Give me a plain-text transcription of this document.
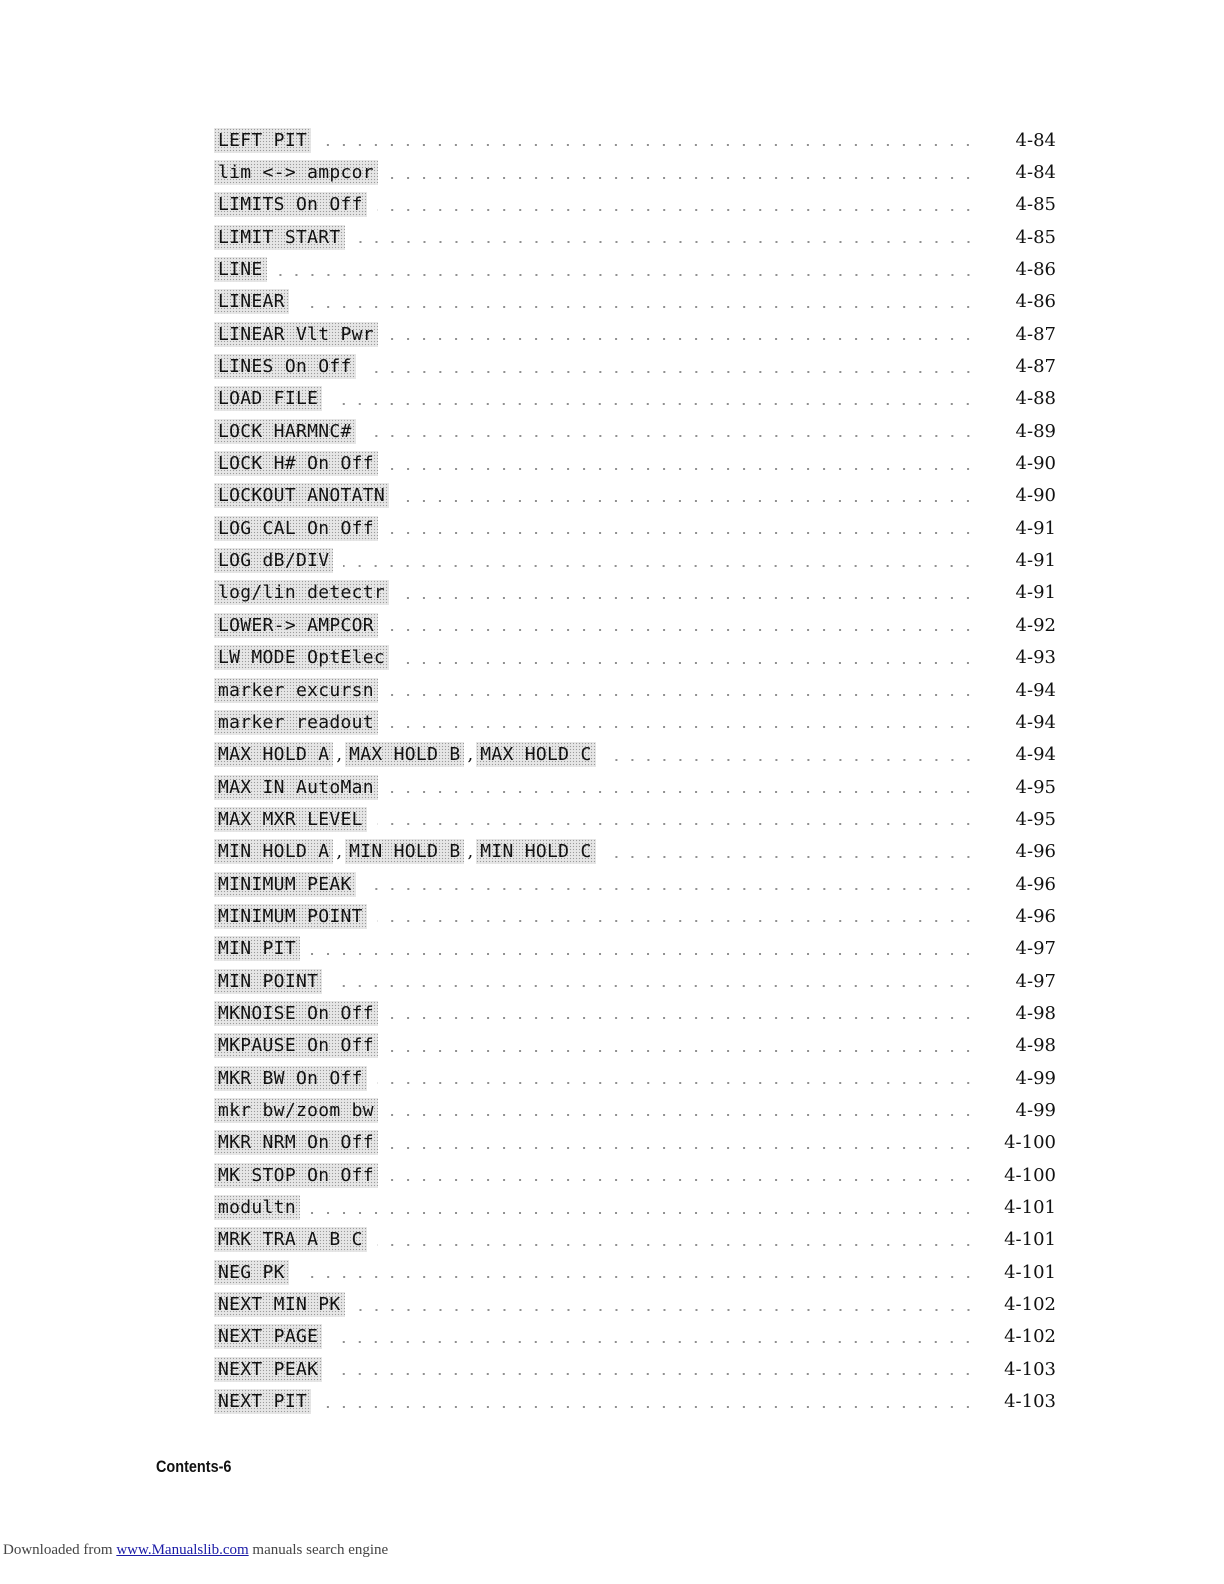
LEFT PIT	4-84
lim <-> ampcor	4-84
LIMITS On Off	4-85
LIMIT START	4-85
LINE	4-86
LINEAR	4-86
LINEAR Vlt Pwr	4-87
LINES On Off	4-87
LOAD FILE	4-88
LOCK HARMNC#	4-89
LOCK H# On Off	4-90
LOCKOUT ANOTATN	4-90
LOG CAL On Off	4-91
LOG dB/DIV	4-91
log/lin detectr	4-91
LOWER-> AMPCOR	4-92
LW MODE OptElec	4-93
marker excursn	4-94
marker readout	4-94
MAX HOLD A , MAX HOLD B , MAX HOLD C	4-94
MAX IN AutoMan	4-95
MAX MXR LEVEL	4-95
MIN HOLD A , MIN HOLD B , MIN HOLD C	4-96
MINIMUM PEAK	4-96
MINIMUM POINT	4-96
MIN PIT	4-97
MIN POINT	4-97
MKNOISE On Off	4-98
MKPAUSE On Off	4-98
MKR BW On Off	4-99
mkr bw/zoom bw	4-99
MKR NRM On Off	4-100
MK STOP On Off	4-100
modultn	4-101
MRK TRA A B C	4-101
NEG PK	4-101
NEXT MIN PK	4-102
NEXT PAGE	4-102
NEXT PEAK	4-103
NEXT PIT	4-103
Contents-6
Downloaded from www.Manualslib.com manuals search engine
